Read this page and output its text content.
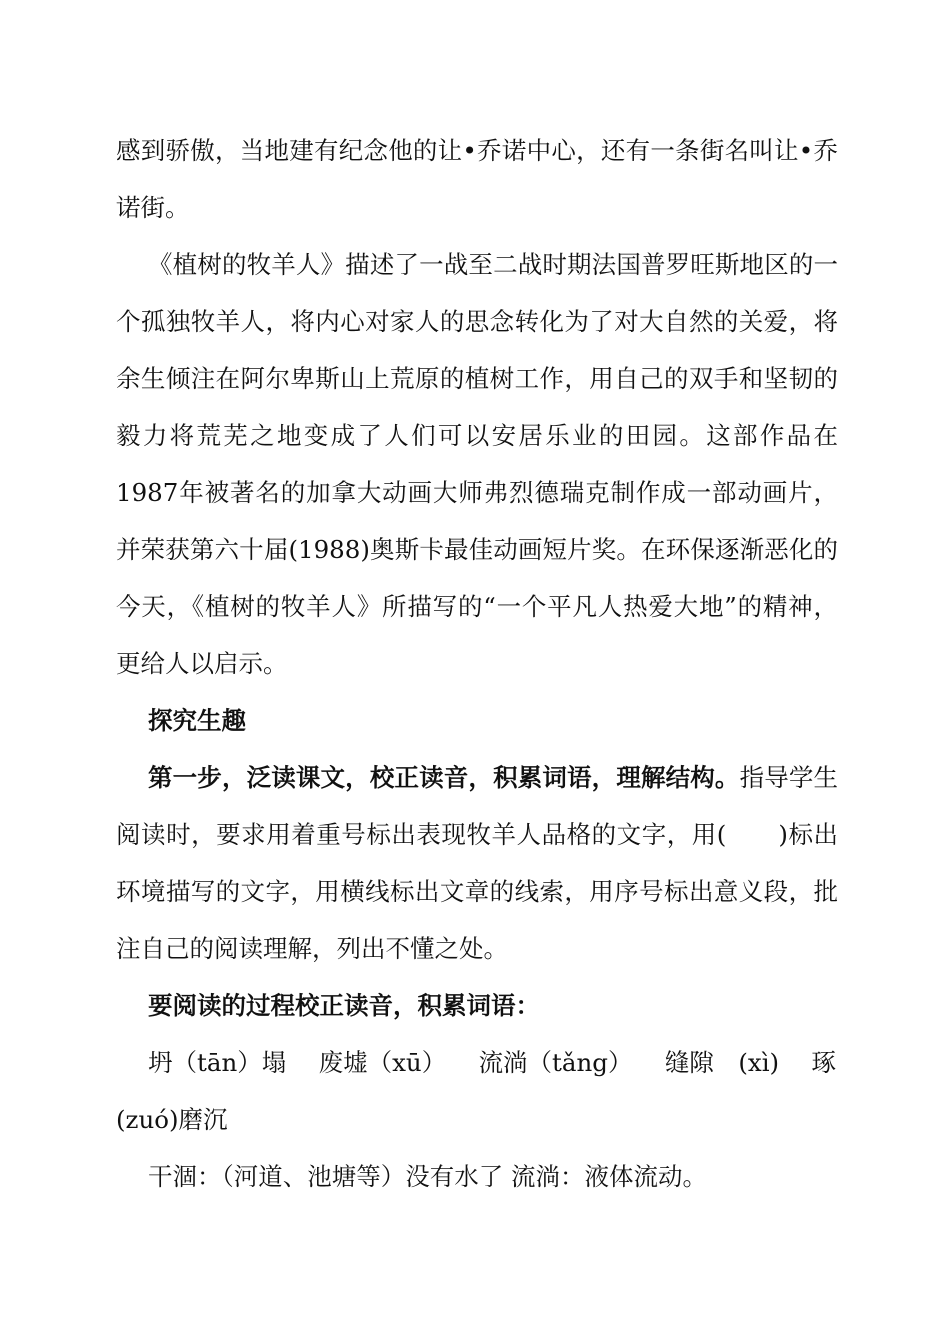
感到骄傲，当地建有纪念他的让•乔诺中心，还有一条街名叫让•乔诺街。

《植树的牧羊人》描述了一战至二战时期法国普罗旺斯地区的一个孤独牧羊人，将内心对家人的思念转化为了对大自然的关爱，将余生倾注在阿尔卑斯山上荒原的植树工作，用自己的双手和坚韧的毅力将荒芜之地变成了人们可以安居乐业的田园。这部作品在1987年被著名的加拿大动画大师弗烈德瑞克制作成一部动画片，并荣获第六十届(1988)奥斯卡最佳动画短片奖。在环保逐渐恶化的今天，《植树的牧羊人》所描写的“一个平凡人热爱大地”的精神，更给人以启示。

探究生趣

第一步，泛读课文，校正读音，积累词语，理解结构。指导学生阅读时，要求用着重号标出表现牧羊人品格的文字，用( )标出环境描写的文字，用横线标出文章的线索，用序号标出意义段，批注自己的阅读理解，列出不懂之处。

要阅读的过程校正读音，积累词语：

坍（tān）塌 废墟（xū） 流淌（tǎng） 缝隙　(xì) 琢

(zuó)磨沉

干涸：（河道、池塘等）没有水了 流淌：液体流动。
